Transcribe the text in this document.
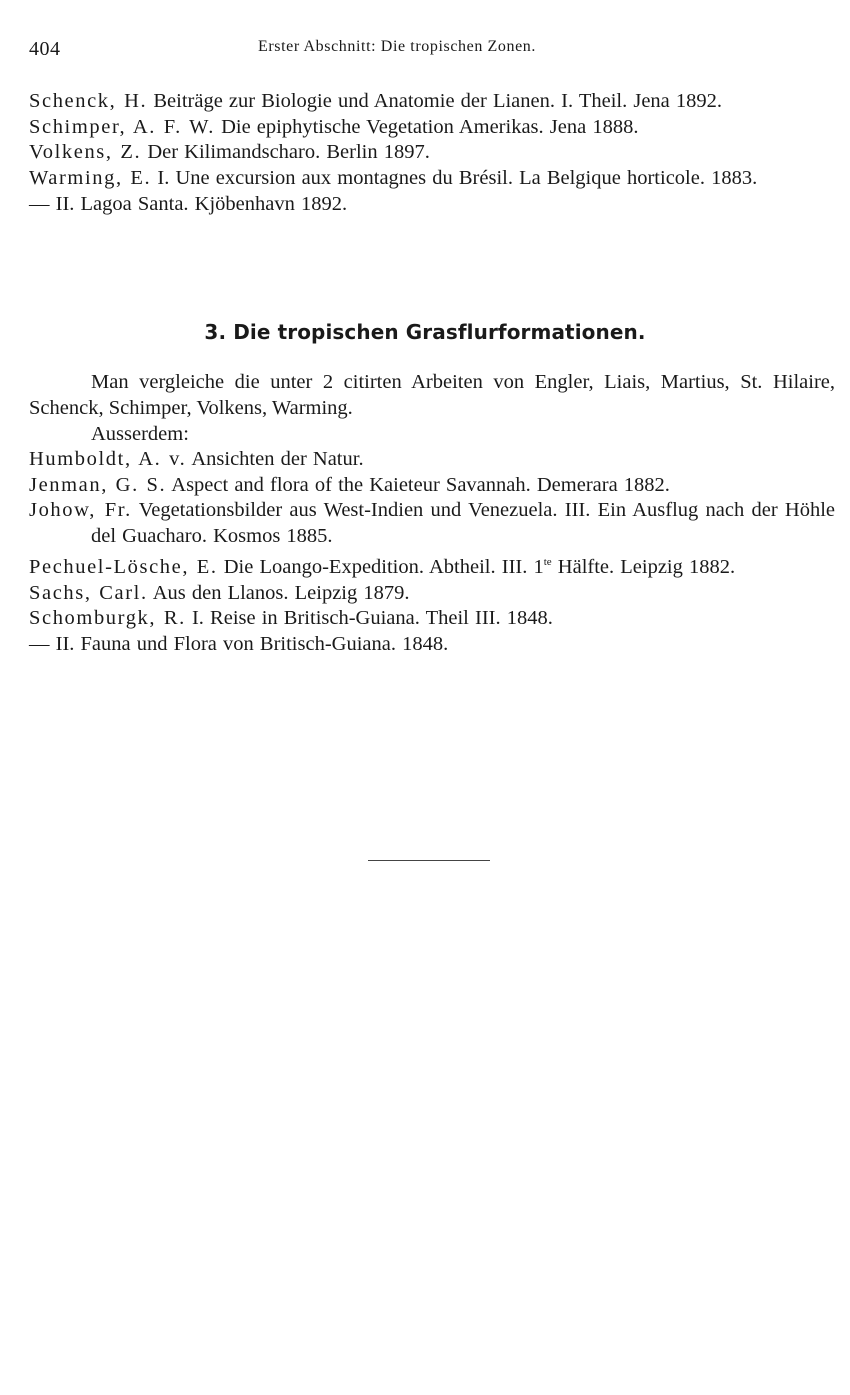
404	Erster Abschnitt: Die tropischen Zonen.
Schenck, H. Beiträge zur Biologie und Anatomie der Lianen. I. Theil. Jena 1892.
Schimper, A. F. W. Die epiphytische Vegetation Amerikas. Jena 1888.
Volkens, Z. Der Kilimandscharo. Berlin 1897.
Warming, E. I. Une excursion aux montagnes du Brésil. La Belgique horticole. 1883.
— II. Lagoa Santa. Kjöbenhavn 1892.
3. Die tropischen Grasflurformationen.

Man vergleiche die unter 2 citirten Arbeiten von Engler, Liais, Martius, St. Hilaire, Schenck, Schimper, Volkens, Warming.

Ausserdem:

Humboldt, A. v. Ansichten der Natur.
Jenman, G. S. Aspect and flora of the Kaieteur Savannah. Demerara 1882.
Johow, Fr. Vegetationsbilder aus West-Indien und Venezuela. III. Ein Ausflug nach der Höhle del Guacharo. Kosmos 1885.
Pechuel-Lösche, E. Die Loango-Expedition. Abtheil. III. $1^{te}$ Hälfte. Leipzig 1882.
Sachs, Carl. Aus den Llanos. Leipzig 1879.
Schomburgk, R. I. Reise in Britisch-Guiana. Theil III. 1848.
— II. Fauna und Flora von Britisch-Guiana. 1848.
